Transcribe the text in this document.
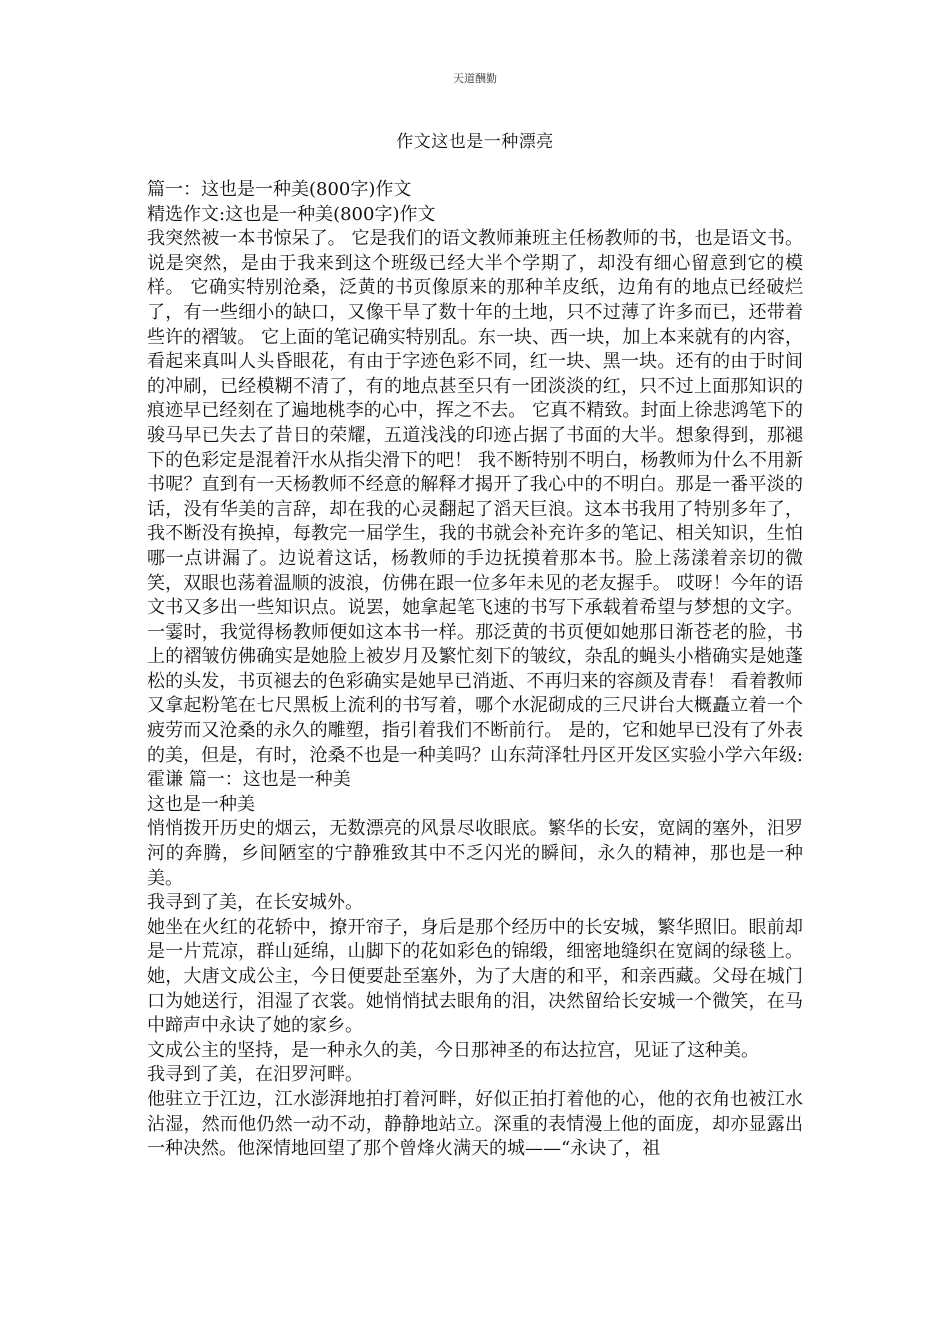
天道酬勤
作文这也是一种漂亮

篇一：这也是一种美(800字)作文

精选作文:这也是一种美(800字)作文

我突然被一本书惊呆了。 它是我们的语文教师兼班主任杨教师的书，也是语文书。 说是突然，是由于我来到这个班级已经大半个学期了，却没有细心留意到它的模样。 它确实特别沧桑，泛黄的书页像原来的那种羊皮纸，边角有的地点已经破烂了，有一些细小的缺口，又像干旱了数十年的土地，只不过薄了许多而已，还带着些许的褶皱。 它上面的笔记确实特别乱。东一块、西一块，加上本来就有的内容，看起来真叫人头昏眼花，有由于字迹色彩不同，红一块、黑一块。还有的由于时间的冲刷，已经模糊不清了，有的地点甚至只有一团淡淡的红，只不过上面那知识的痕迹早已经刻在了遍地桃李的心中，挥之不去。 它真不精致。封面上徐悲鸿笔下的骏马早已失去了昔日的荣耀，五道浅浅的印迹占据了书面的大半。想象得到，那褪下的色彩定是混着汗水从指尖滑下的吧！ 我不断特别不明白，杨教师为什么不用新书呢？直到有一天杨教师不经意的解释才揭开了我心中的不明白。那是一番平淡的话，没有华美的言辞，却在我的心灵翻起了滔天巨浪。这本书我用了特别多年了，我不断没有换掉，每教完一届学生，我的书就会补充许多的笔记、相关知识，生怕哪一点讲漏了。边说着这话，杨教师的手边抚摸着那本书。脸上荡漾着亲切的微笑，双眼也荡着温顺的波浪，仿佛在跟一位多年未见的老友握手。 哎呀！今年的语文书又多出一些知识点。说罢，她拿起笔飞速的书写下承载着希望与梦想的文字。 一霎时，我觉得杨教师便如这本书一样。那泛黄的书页便如她那日渐苍老的脸，书上的褶皱仿佛确实是她脸上被岁月及繁忙刻下的皱纹，杂乱的蝇头小楷确实是她蓬松的头发，书页褪去的色彩确实是她早已消逝、不再归来的容颜及青春！ 看着教师又拿起粉笔在七尺黑板上流利的书写着，哪个水泥砌成的三尺讲台大概矗立着一个疲劳而又沧桑的永久的雕塑，指引着我们不断前行。 是的，它和她早已没有了外表的美，但是，有时，沧桑不也是一种美吗？山东菏泽牡丹区开发区实验小学六年级:霍谦 篇一：这也是一种美

这也是一种美

悄悄拨开历史的烟云，无数漂亮的风景尽收眼底。繁华的长安，宽阔的塞外，汨罗河的奔腾，乡间陋室的宁静雅致其中不乏闪光的瞬间，永久的精神，那也是一种美。

我寻到了美，在长安城外。

她坐在火红的花轿中，撩开帘子，身后是那个经历中的长安城，繁华照旧。眼前却是一片荒凉，群山延绵，山脚下的花如彩色的锦缎，细密地缝织在宽阔的绿毯上。她，大唐文成公主，今日便要赴至塞外，为了大唐的和平，和亲西藏。父母在城门口为她送行，泪湿了衣裳。她悄悄拭去眼角的泪，决然留给长安城一个微笑，在马中蹄声中永诀了她的家乡。

文成公主的坚持，是一种永久的美，今日那神圣的布达拉宫，见证了这种美。

我寻到了美，在汨罗河畔。

他驻立于江边，江水澎湃地拍打着河畔，好似正拍打着他的心，他的衣角也被江水沾湿，然而他仍然一动不动，静静地站立。深重的表情漫上他的面庞，却亦显露出一种决然。他深情地回望了那个曾烽火满天的城——“永诀了，祖
